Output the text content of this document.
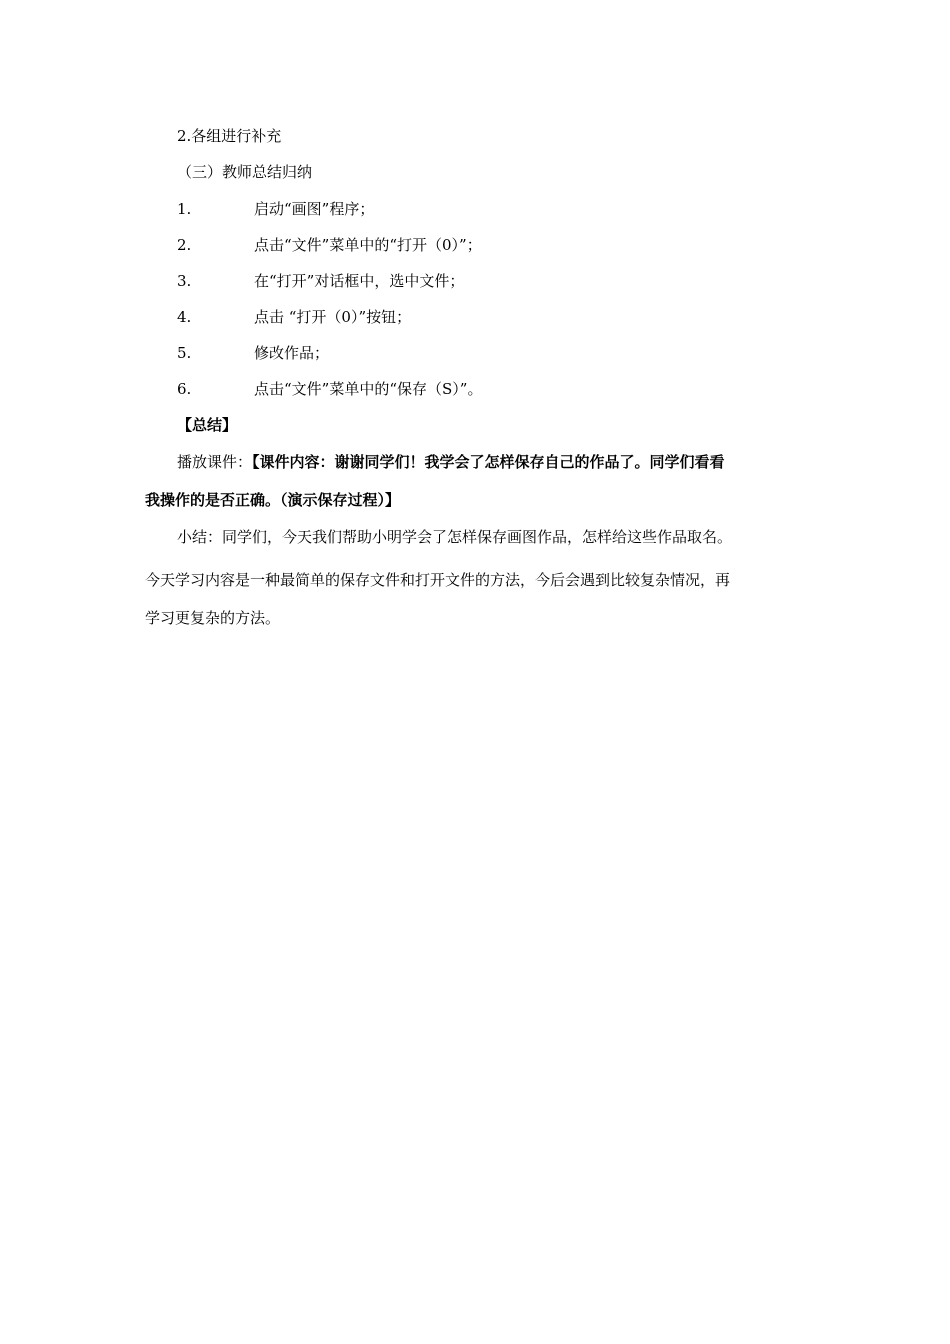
2.各组进行补充
（三）教师总结归纳
1.	启动“画图”程序；
2.	点击“文件”菜单中的“打开（0）”；
3.	在“打开”对话框中，选中文件；
4.	点击 “打开（0）”按钮；
5.	修改作品；
6.	点击“文件”菜单中的“保存（S）”。
【总结】
播放课件：【课件内容：谢谢同学们！我学会了怎样保存自己的作品了。同学们看看
我操作的是否正确。（演示保存过程）】
小结：同学们，今天我们帮助小明学会了怎样保存画图作品，怎样给这些作品取名。
今天学习内容是一种最简单的保存文件和打开文件的方法，今后会遇到比较复杂情况，再
学习更复杂的方法。
